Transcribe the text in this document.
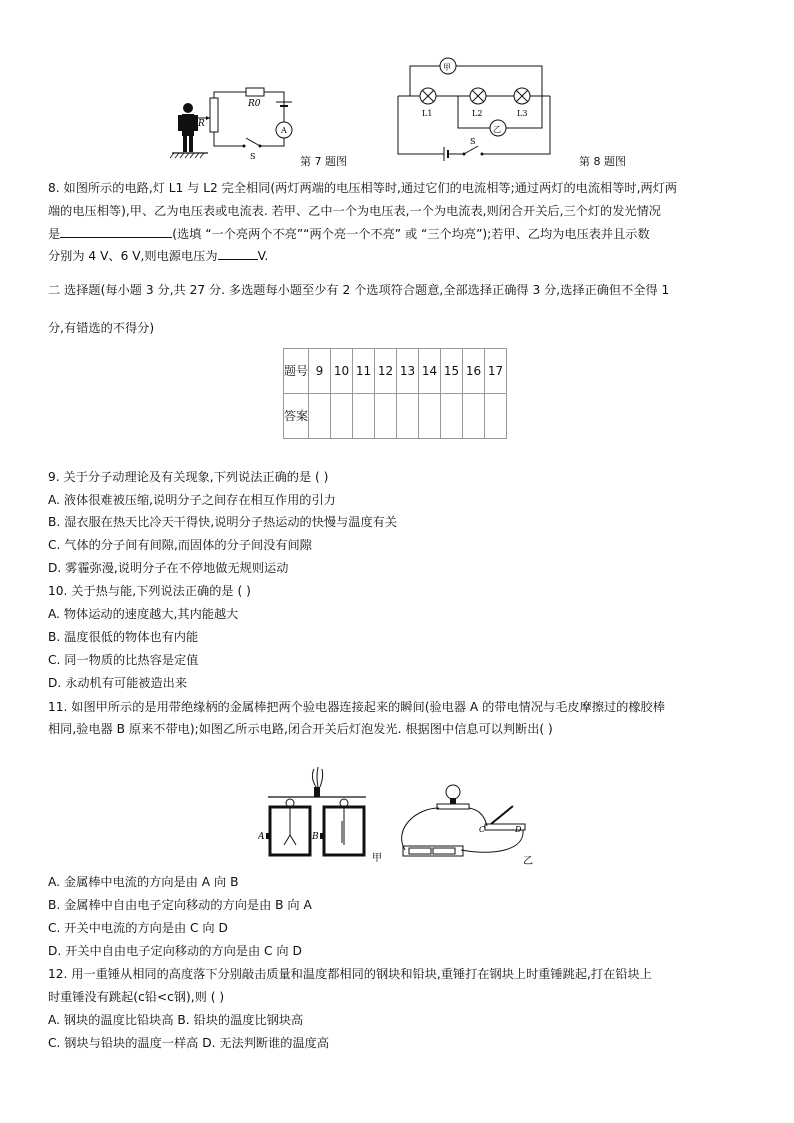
R
R0
A
S	第 7 题图
甲
乙
L1	L2	L3
S
第 8 题图
8. 如图所示的电路,灯 L1 与 L2 完全相同(两灯两端的电压相等时,通过它们的电流相等;通过两灯的电流相等时,两灯两
端的电压相等),甲、乙为电压表或电流表. 若甲、乙中一个为电压表,一个为电流表,则闭合开关后,三个灯的发光情况
是	(选填 “一个亮两个不亮”“两个亮一个不亮” 或 “三个均亮”);若甲、乙均为电压表并且示数
分别为 4 V、6 V,则电源电压为	V.
二 选择题(每小题 3 分,共 27 分. 多选题每小题至少有 2 个选项符合题意,全部选择正确得 3 分,选择正确但不全得 1
分,有错选的不得分)
题号	9	10	11	12	13	14	15	16	17
答案									
9. 关于分子动理论及有关现象,下列说法正确的是 ( )
A. 液体很难被压缩,说明分子之间存在相互作用的引力
B. 湿衣服在热天比冷天干得快,说明分子热运动的快慢与温度有关
C. 气体的分子间有间隙,而固体的分子间没有间隙
D. 雾霾弥漫,说明分子在不停地做无规则运动
10. 关于热与能,下列说法正确的是 ( )
A. 物体运动的速度越大,其内能越大
B. 温度很低的物体也有内能
C. 同一物质的比热容是定值
D. 永动机有可能被造出来
11. 如图甲所示的是用带绝缘柄的金属棒把两个验电器连接起来的瞬间(验电器 A 的带电情况与毛皮摩擦过的橡胶棒
相同,验电器 B 原来不带电);如图乙所示电路,闭合开关后灯泡发光. 根据图中信息可以判断出( )
A	B
甲
C	D
乙
A. 金属棒中电流的方向是由 A 向 B
B. 金属棒中自由电子定向移动的方向是由 B 向 A
C. 开关中电流的方向是由 C 向 D
D. 开关中自由电子定向移动的方向是由 C 向 D
12. 用一重锤从相同的高度落下分别敲击质量和温度都相同的钢块和铅块,重锤打在钢块上时重锤跳起,打在铅块上
时重锤没有跳起(c铅<c钢),则 ( )
A. 钢块的温度比铅块高 B. 铅块的温度比钢块高
C. 钢块与铅块的温度一样高 D. 无法判断谁的温度高
